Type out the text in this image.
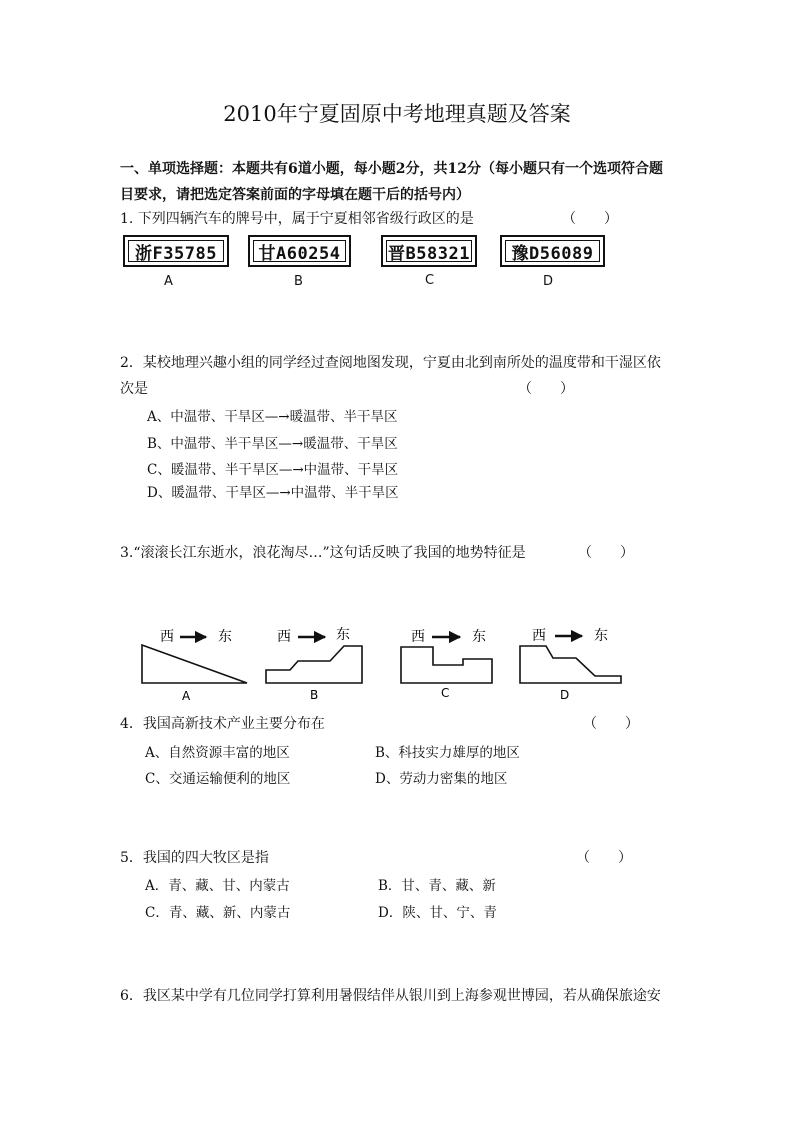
2010年宁夏固原中考地理真题及答案
一、单项选择题：本题共有6道小题，每小题2分，共12分（每小题只有一个选项符合题
目要求，请把选定答案前面的字母填在题干后的括号内）
1. 下列四辆汽车的牌号中，属于宁夏相邻省级行政区的是	（　　）
浙F35785	甘A60254	晋B58321	豫D56089
A	B	C	D
2．某校地理兴趣小组的同学经过查阅地图发现，宁夏由北到南所处的温度带和干湿区依
次是	（　　）
A、中温带、干旱区—→暖温带、半干旱区
B、中温带、半干旱区—→暖温带、干旱区
C、暖温带、半干旱区—→中温带、干旱区
D、暖温带、干旱区—→中温带、半干旱区
3.“滚滚长江东逝水，浪花淘尽…”这句话反映了我国的地势特征是	（　　）
西	东
A
西	东
B
西	东
C
西	东
D
4．我国高新技术产业主要分布在	（　　）
A、自然资源丰富的地区	B、科技实力雄厚的地区
C、交通运输便利的地区	D、劳动力密集的地区
5．我国的四大牧区是指	（　　）
A．青、藏、甘、内蒙古	B．甘、青、藏、新
C．青、藏、新、内蒙古	D．陕、甘、宁、青
6．我区某中学有几位同学打算利用暑假结伴从银川到上海参观世博园，若从确保旅途安
